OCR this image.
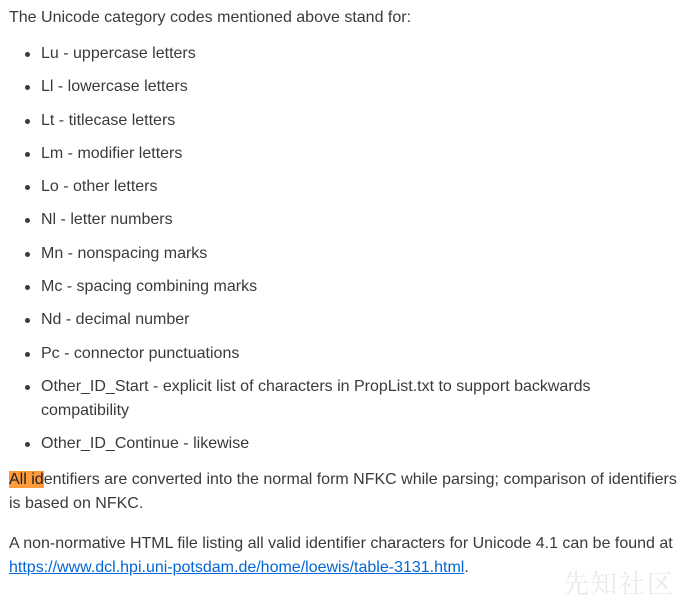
The Unicode category codes mentioned above stand for:

Lu - uppercase letters
Ll - lowercase letters
Lt - titlecase letters
Lm - modifier letters
Lo - other letters
Nl - letter numbers
Mn - nonspacing marks
Mc - spacing combining marks
Nd - decimal number
Pc - connector punctuations
Other_ID_Start - explicit list of characters in PropList.txt to support backwards compatibility
Other_ID_Continue - likewise

All identifiers are converted into the normal form NFKC while parsing; comparison of identifiers is based on NFKC.

A non-normative HTML file listing all valid identifier characters for Unicode 4.1 can be found at https://www.dcl.hpi.uni-potsdam.de/home/loewis/table-3131.html.

先知社区
